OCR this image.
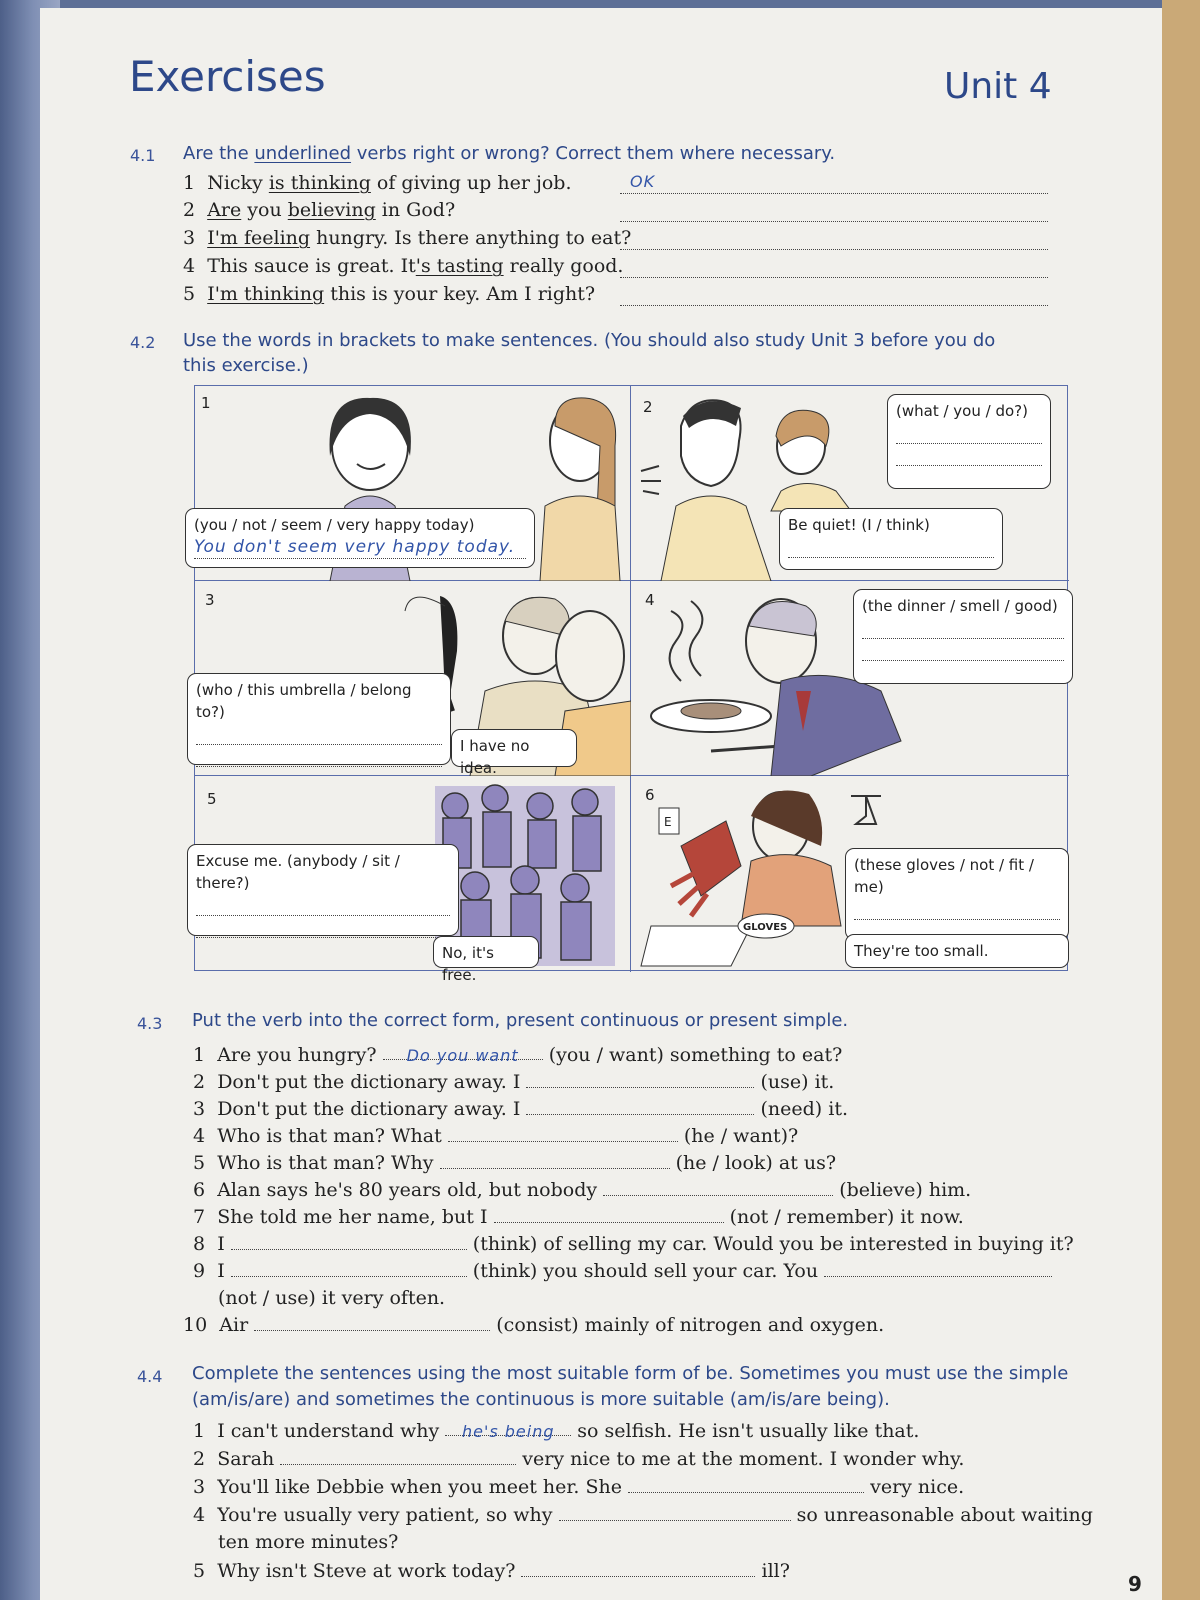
Exercises	Unit 4
4.1 Are the underlined verbs right or wrong? Correct them where necessary.
1 Nicky is thinking of giving up her job.	OK
2 Are you believing in God?
3 I'm feeling hungry. Is there anything to eat?
4 This sauce is great. It's tasting really good.
5 I'm thinking this is your key. Am I right?
4.2 Use the words in brackets to make sentences. (You should also study Unit 3 before you do
this exercise.)
1
(you / not / seem / very happy today)
You don't seem very happy today.
2	(what / you / do?)
Be quiet! (I / think)
3
(who / this umbrella / belong to?)
I have no idea.
4	(the dinner / smell / good)
5
Excuse me. (anybody / sit / there?)
No, it's free.
6
E
GLOVES
(these gloves / not / fit / me)
They're too small.
4.3 Put the verb into the correct form, present continuous or present simple.
1 Are you hungry? Do you want (you / want) something to eat?
2 Don't put the dictionary away. I	(use) it.
3 Don't put the dictionary away. I	(need) it.
4 Who is that man? What	(he / want)?
5 Who is that man? Why	(he / look) at us?
6 Alan says he's 80 years old, but nobody	(believe) him.
7 She told me her name, but I	(not / remember) it now.
8 I	(think) of selling my car. Would you be interested in buying it?
9 I	(think) you should sell your car. You
(not / use) it very often.
10 Air	(consist) mainly of nitrogen and oxygen.
4.4 Complete the sentences using the most suitable form of be. Sometimes you must use the simple
(am/is/are) and sometimes the continuous is more suitable (am/is/are being).
1 I can't understand why he's being so selfish. He isn't usually like that.
2 Sarah	very nice to me at the moment. I wonder why.
3 You'll like Debbie when you meet her. She	very nice.
4 You're usually very patient, so why	so unreasonable about waiting
ten more minutes?
5 Why isn't Steve at work today?	ill?
9
